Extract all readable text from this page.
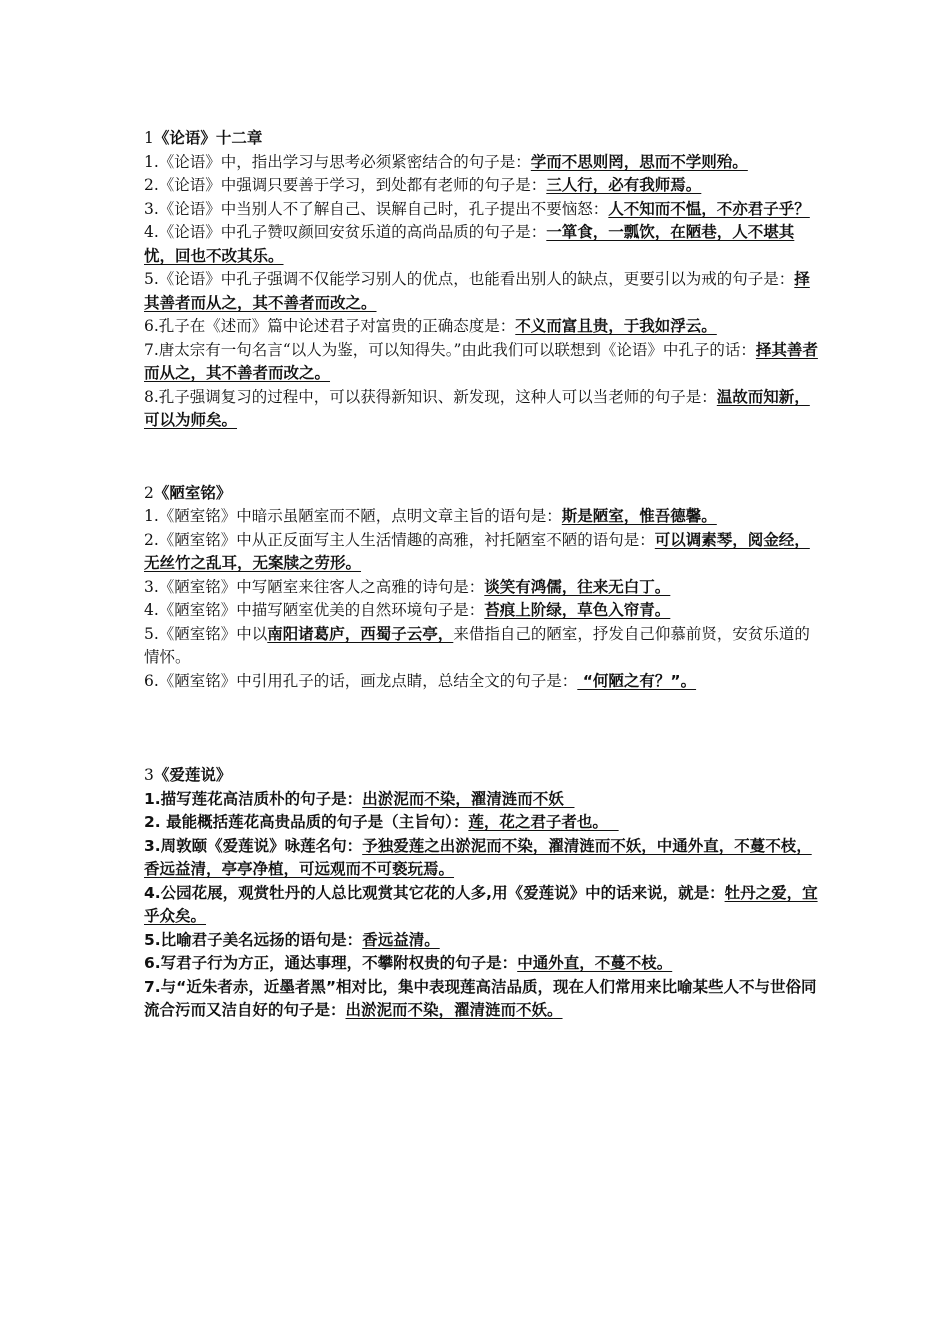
1《论语》十二章

1.《论语》中，指出学习与思考必须紧密结合的句子是：学而不思则罔，思而不学则殆。

2.《论语》中强调只要善于学习，到处都有老师的句子是：三人行，必有我师焉。

3.《论语》中当别人不了解自己、误解自己时，孔子提出不要恼怒：人不知而不愠，不亦君子乎？

4.《论语》中孔子赞叹颜回安贫乐道的高尚品质的句子是：一箪食，一瓢饮，在陋巷，人不堪其忧，回也不改其乐。

5.《论语》中孔子强调不仅能学习别人的优点，也能看出别人的缺点，更要引以为戒的句子是：择其善者而从之，其不善者而改之。

6.孔子在《述而》篇中论述君子对富贵的正确态度是：不义而富且贵，于我如浮云。

7.唐太宗有一句名言“以人为鉴，可以知得失。”由此我们可以联想到《论语》中孔子的话：择其善者而从之，其不善者而改之。

8.孔子强调复习的过程中，可以获得新知识、新发现，这种人可以当老师的句子是：温故而知新，可以为师矣。

2《陋室铭》

1.《陋室铭》中暗示虽陋室而不陋，点明文章主旨的语句是：斯是陋室，惟吾德馨。

2.《陋室铭》中从正反面写主人生活情趣的高雅，衬托陋室不陋的语句是：可以调素琴，阅金经，无丝竹之乱耳，无案牍之劳形。

3.《陋室铭》中写陋室来往客人之高雅的诗句是：谈笑有鸿儒，往来无白丁。

4.《陋室铭》中描写陋室优美的自然环境句子是：苔痕上阶绿，草色入帘青。

5.《陋室铭》中以南阳诸葛庐，西蜀子云亭，来借指自己的陋室，抒发自己仰慕前贤，安贫乐道的情怀。

6.《陋室铭》中引用孔子的话，画龙点睛，总结全文的句子是： “何陋之有？”。

3《爱莲说》

1.描写莲花高洁质朴的句子是：出淤泥而不染，濯清涟而不妖

2. 最能概括莲花高贵品质的句子是（主旨句）：莲，花之君子者也。

3.周敦颐《爱莲说》咏莲名句：予独爱莲之出淤泥而不染，濯清涟而不妖，中通外直，不蔓不枝，香远益清，亭亭净植，可远观而不可亵玩焉。

4.公园花展，观赏牡丹的人总比观赏其它花的人多,用《爱莲说》中的话来说，就是：牡丹之爱，宜乎众矣。

5.比喻君子美名远扬的语句是：香远益清。

6.写君子行为方正，通达事理，不攀附权贵的句子是：中通外直，不蔓不枝。

7.与“近朱者赤，近墨者黑”相对比，集中表现莲高洁品质，现在人们常用来比喻某些人不与世俗同流合污而又洁自好的句子是：出淤泥而不染，濯清涟而不妖。
